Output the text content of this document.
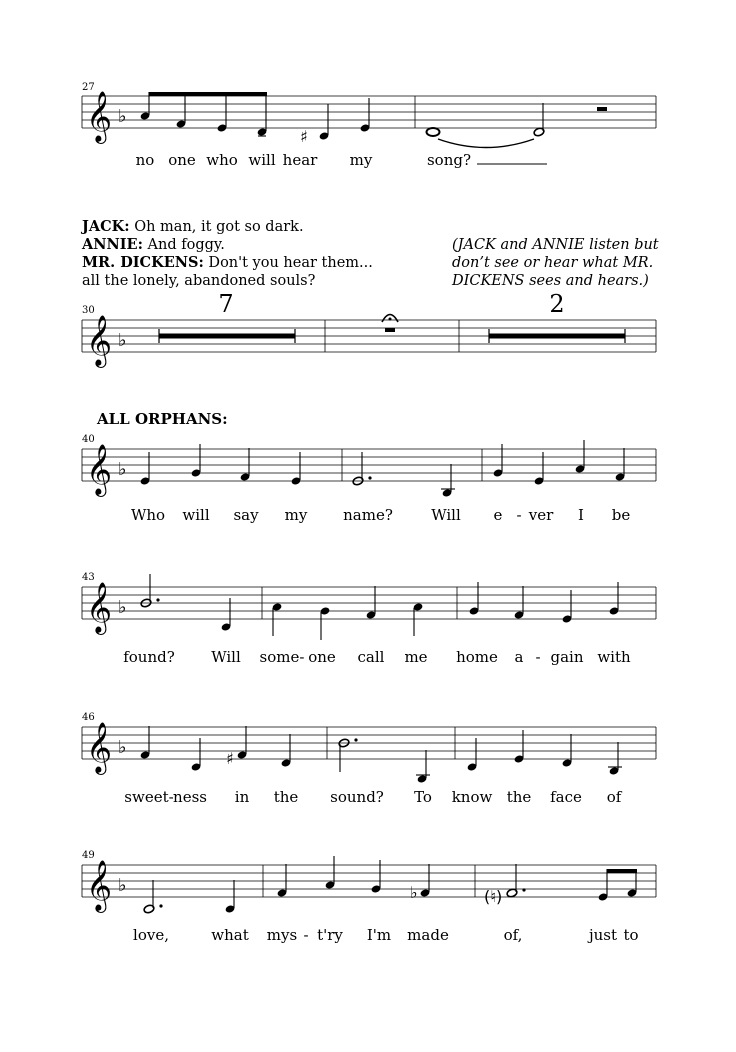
27
𝄞 ♭
♯
no one who will hear my	song?
JACK: Oh man, it got so dark.
ANNIE: And foggy.
MR. DICKENS: Don't you hear them...
all the lonely, abandoned souls?
(JACK and ANNIE listen but
don’t see or hear what MR.
DICKENS sees and hears.)
30	7	2
𝄞 ♭
ALL ORPHANS:
40
𝄞 ♭
Who will say my name?	Will e - ver I be
43
𝄞 ♭
found? Will some- one call me home a - gain with
46
𝄞 ♭
♯
sweet- ness in the sound? To know the face of
49
𝄞 ♭	♭	(♮)
love,	what mys - t'ry I'm made	of,	just to
